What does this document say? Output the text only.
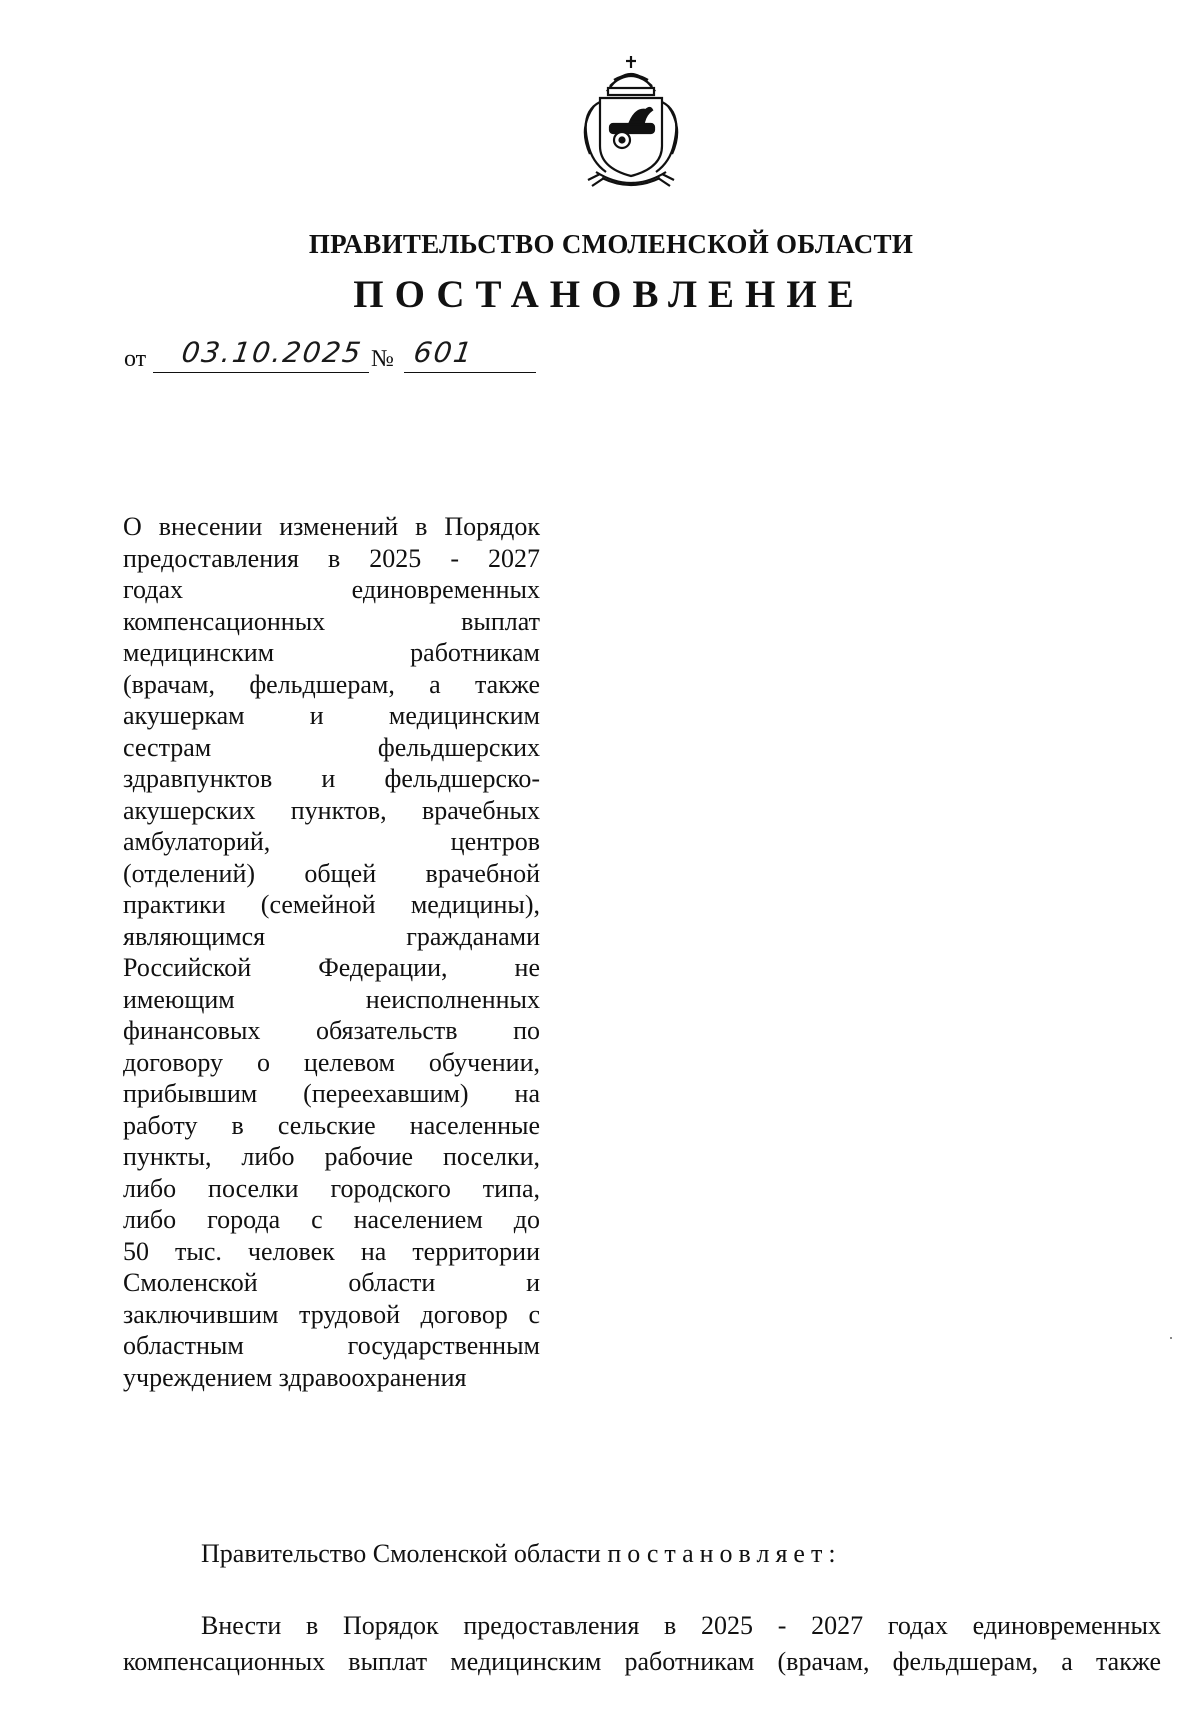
ПРАВИТЕЛЬСТВО СМОЛЕНСКОЙ ОБЛАСТИ
ПОСТАНОВЛЕНИЕ
от 03.10.2025 № 601
О внесении изменений в Порядок
предоставления в 2025 - 2027
годах единовременных
компенсационных выплат
медицинским работникам
(врачам, фельдшерам, а также
акушеркам и медицинским
сестрам фельдшерских
здравпунктов и фельдшерско-
акушерских пунктов, врачебных
амбулаторий, центров
(отделений) общей врачебной
практики (семейной медицины),
являющимся гражданами
Российской Федерации, не
имеющим неисполненных
финансовых обязательств по
договору о целевом обучении,
прибывшим (переехавшим) на
работу в сельские населенные
пункты, либо рабочие поселки,
либо поселки городского типа,
либо города с населением до
50 тыс. человек на территории
Смоленской области и
заключившим трудовой договор с
областным государственным
учреждением здравоохранения
Правительство Смоленской области постановляет:
Внести в Порядок предоставления в 2025 - 2027 годах единовременных
компенсационных выплат медицинским работникам (врачам, фельдшерам, а также
